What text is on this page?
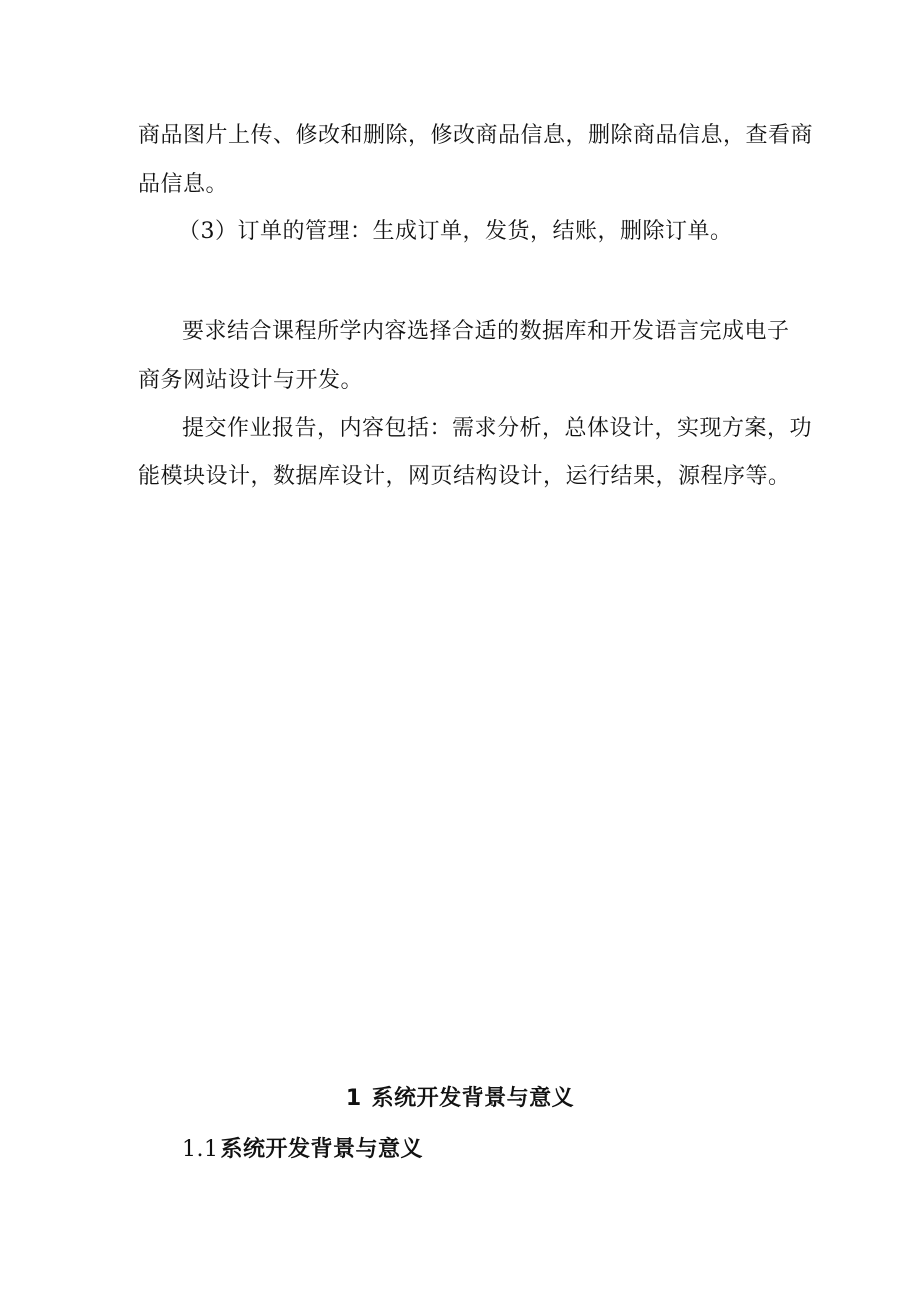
商品图片上传、修改和删除，修改商品信息，删除商品信息，查看商
品信息。
（3）订单的管理：生成订单，发货，结账，删除订单。
要求结合课程所学内容选择合适的数据库和开发语言完成电子
商务网站设计与开发。
提交作业报告，内容包括：需求分析，总体设计，实现方案，功
能模块设计，数据库设计，网页结构设计，运行结果，源程序等。
1 系统开发背景与意义
1.1系统开发背景与意义
